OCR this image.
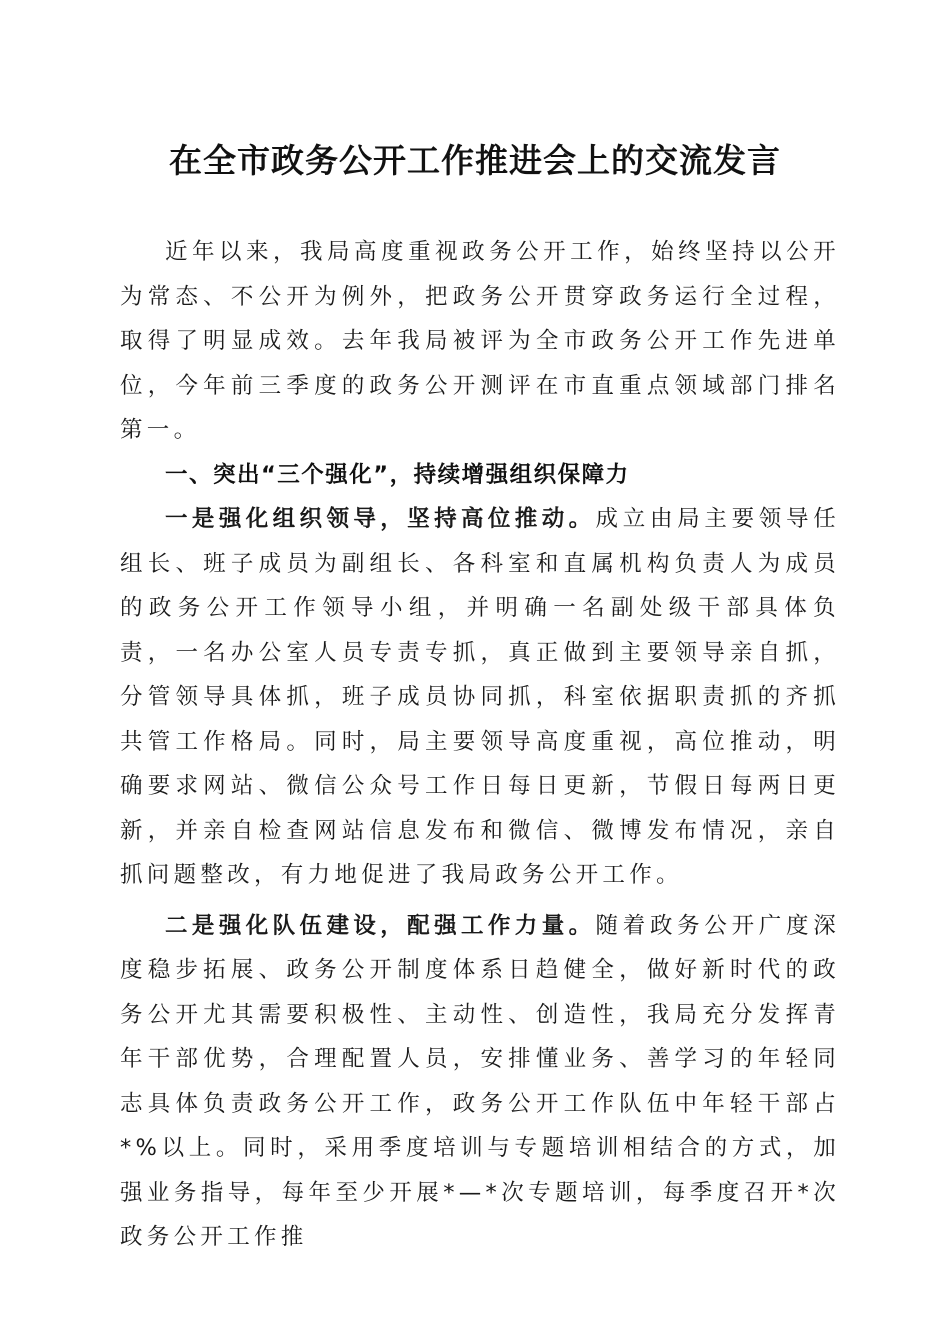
在全市政务公开工作推进会上的交流发言

近年以来，我局高度重视政务公开工作，始终坚持以公开为常态、不公开为例外，把政务公开贯穿政务运行全过程，取得了明显成效。去年我局被评为全市政务公开工作先进单位，今年前三季度的政务公开测评在市直重点领域部门排名第一。

一、突出“三个强化”，持续增强组织保障力

一是强化组织领导，坚持高位推动。成立由局主要领导任组长、班子成员为副组长、各科室和直属机构负责人为成员的政务公开工作领导小组，并明确一名副处级干部具体负责，一名办公室人员专责专抓，真正做到主要领导亲自抓，分管领导具体抓，班子成员协同抓，科室依据职责抓的齐抓共管工作格局。同时，局主要领导高度重视，高位推动，明确要求网站、微信公众号工作日每日更新，节假日每两日更新，并亲自检查网站信息发布和微信、微博发布情况，亲自抓问题整改，有力地促进了我局政务公开工作。

二是强化队伍建设，配强工作力量。随着政务公开广度深度稳步拓展、政务公开制度体系日趋健全，做好新时代的政务公开尤其需要积极性、主动性、创造性，我局充分发挥青年干部优势，合理配置人员，安排懂业务、善学习的年轻同志具体负责政务公开工作，政务公开工作队伍中年轻干部占*%以上。同时，采用季度培训与专题培训相结合的方式，加强业务指导，每年至少开展*—*次专题培训，每季度召开*次政务公开工作推
